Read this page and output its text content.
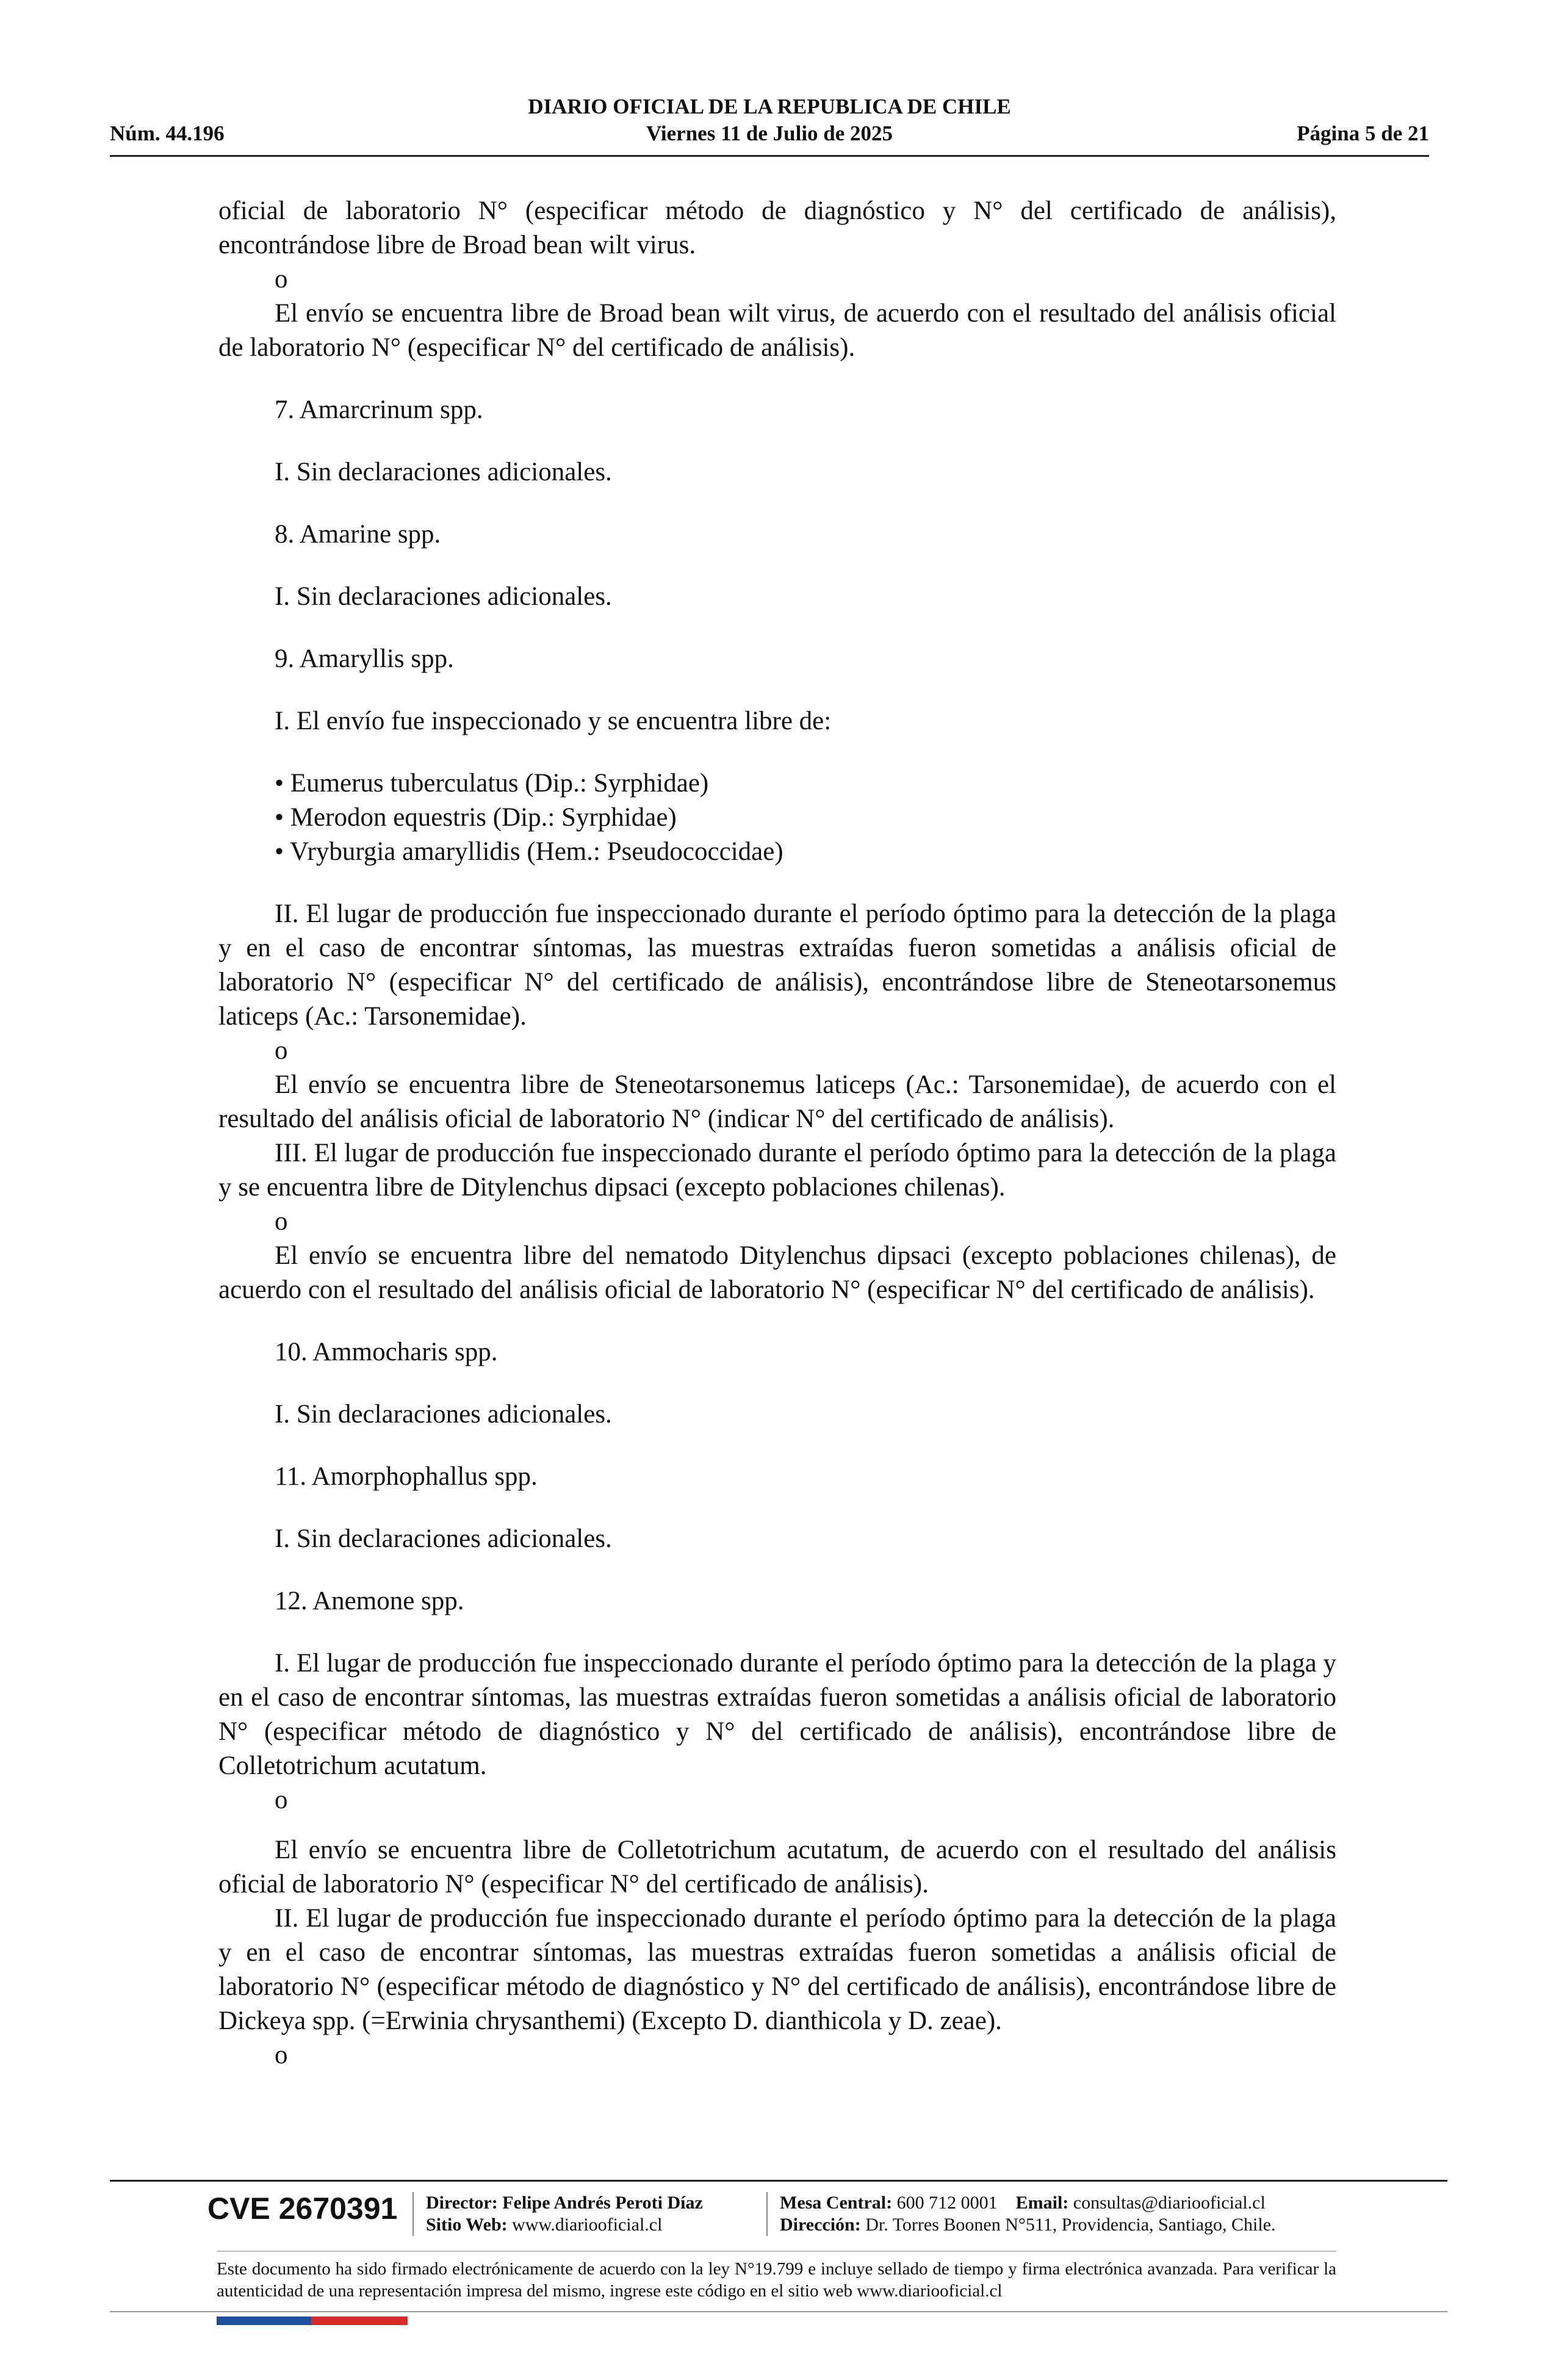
DIARIO OFICIAL DE LA REPUBLICA DE CHILE
Núm. 44.196	Viernes 11 de Julio de 2025	Página 5 de 21

oficial de laboratorio N° (especificar método de diagnóstico y N° del certificado de análisis), encontrándose libre de Broad bean wilt virus.

o

El envío se encuentra libre de Broad bean wilt virus, de acuerdo con el resultado del análisis oficial de laboratorio N° (especificar N° del certificado de análisis).

7. Amarcrinum spp.

I. Sin declaraciones adicionales.

8. Amarine spp.

I. Sin declaraciones adicionales.

9. Amaryllis spp.

I. El envío fue inspeccionado y se encuentra libre de:

• Eumerus tuberculatus (Dip.: Syrphidae)

• Merodon equestris (Dip.: Syrphidae)

• Vryburgia amaryllidis (Hem.: Pseudococcidae)

II. El lugar de producción fue inspeccionado durante el período óptimo para la detección de la plaga y en el caso de encontrar síntomas, las muestras extraídas fueron sometidas a análisis oficial de laboratorio N° (especificar N° del certificado de análisis), encontrándose libre de Steneotarsonemus laticeps (Ac.: Tarsonemidae).

o

El envío se encuentra libre de Steneotarsonemus laticeps (Ac.: Tarsonemidae), de acuerdo con el resultado del análisis oficial de laboratorio N° (indicar N° del certificado de análisis).

III. El lugar de producción fue inspeccionado durante el período óptimo para la detección de la plaga y se encuentra libre de Ditylenchus dipsaci (excepto poblaciones chilenas).

o

El envío se encuentra libre del nematodo Ditylenchus dipsaci (excepto poblaciones chilenas), de acuerdo con el resultado del análisis oficial de laboratorio N° (especificar N° del certificado de análisis).

10. Ammocharis spp.

I. Sin declaraciones adicionales.

11. Amorphophallus spp.

I. Sin declaraciones adicionales.

12. Anemone spp.

I. El lugar de producción fue inspeccionado durante el período óptimo para la detección de la plaga y en el caso de encontrar síntomas, las muestras extraídas fueron sometidas a análisis oficial de laboratorio N° (especificar método de diagnóstico y N° del certificado de análisis), encontrándose libre de Colletotrichum acutatum.

o

El envío se encuentra libre de Colletotrichum acutatum, de acuerdo con el resultado del análisis oficial de laboratorio N° (especificar N° del certificado de análisis).

II. El lugar de producción fue inspeccionado durante el período óptimo para la detección de la plaga y en el caso de encontrar síntomas, las muestras extraídas fueron sometidas a análisis oficial de laboratorio N° (especificar método de diagnóstico y N° del certificado de análisis), encontrándose libre de Dickeya spp. (=Erwinia chrysanthemi) (Excepto D. dianthicola y D. zeae).

o

CVE 2670391 Director: Felipe Andrés Peroti Díaz
Sitio Web: www.diariooficial.cl
Mesa Central: 600 712 0001 Email: consultas@diariooficial.cl
Dirección: Dr. Torres Boonen N°511, Providencia, Santiago, Chile.
Este documento ha sido firmado electrónicamente de acuerdo con la ley N°19.799 e incluye sellado de tiempo y firma electrónica avanzada. Para verificar la autenticidad de una representación impresa del mismo, ingrese este código en el sitio web www.diariooficial.cl
